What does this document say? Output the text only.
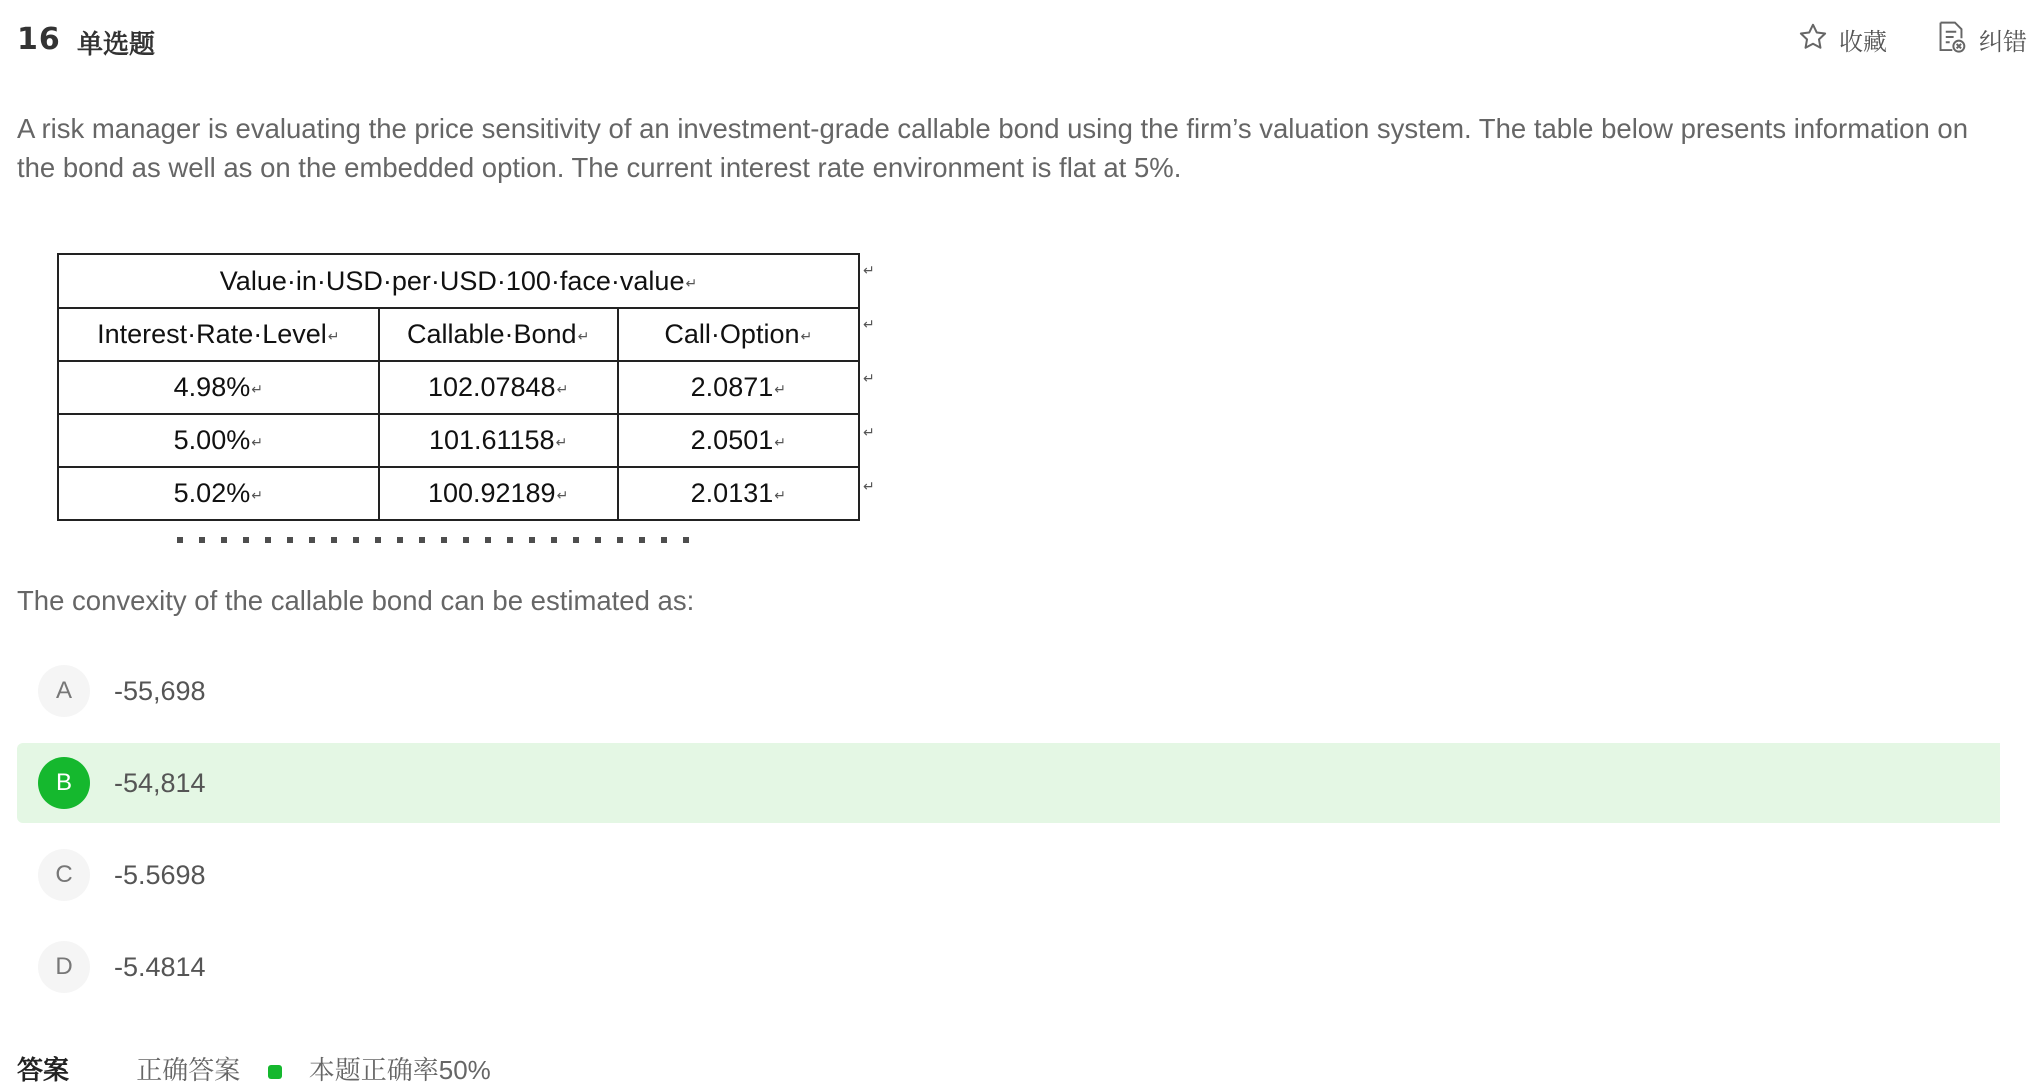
16 单选题	收藏	纠错

A risk manager is evaluating the price sensitivity of an investment-grade callable bond using the firm’s valuation system. The table below presents information on the bond as well as on the embedded option. The current interest rate environment is flat at 5%.

Value·in·USD·per·USD·100·face·value↵		
Interest·Rate·Level↵	Callable·Bond↵	Call·Option↵
4.98%↵	102.07848↵	2.0871↵
5.00%↵	101.61158↵	2.0501↵
5.02%↵	100.92189↵	2.0131↵
↵
↵
↵
↵
↵

The convexity of the callable bond can be estimated as:

A	-55,698
B	-54,814
C	-5.5698
D	-5.4814
答案	正确答案	本题正确率50%
